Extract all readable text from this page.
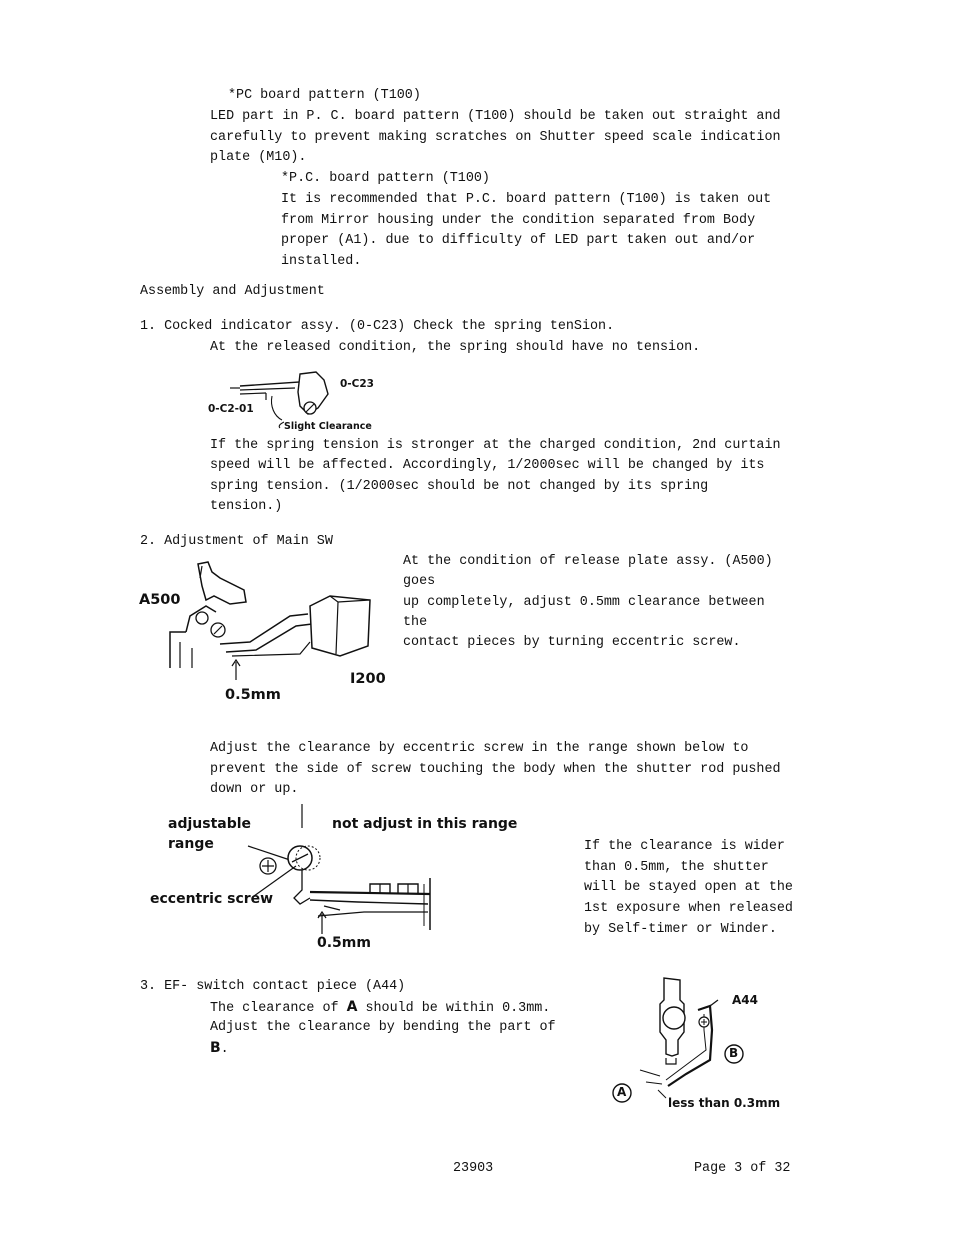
*PC board pattern (T100)
LED part in P. C. board pattern (T100) should be taken out straight and
carefully to prevent making scratches on Shutter speed scale indication
plate (M10).
*P.C. board pattern (T100)
It is recommended that P.C. board pattern (T100) is taken out
from Mirror housing under the condition separated from Body
proper (A1). due to difficulty of LED part taken out and/or
installed.
Assembly and Adjustment
1. Cocked indicator assy. (0-C23) Check the spring tenSion.
At the released condition, the spring should have no tension.
0-C23
0-C2-01
Slight Clearance
If the spring tension is stronger at the charged condition, 2nd curtain
speed will be affected. Accordingly, 1/2000sec will be changed by its
spring tension. (1/2000sec should be not changed by its spring
tension.)
2. Adjustment of Main SW
At the condition of release plate assy. (A500)
goes
up completely, adjust 0.5mm clearance between
the
contact pieces by turning eccentric screw.
A500
I200
0.5mm
Adjust the clearance by eccentric screw in the range shown below to
prevent the side of screw touching the body when the shutter rod pushed
down or up.
adjustable
range
not adjust in this range
eccentric screw
0.5mm
If the clearance is wider
than 0.5mm, the shutter
will be stayed open at the
1st exposure when released
by Self-timer or Winder.
3. EF- switch contact piece (A44)
The clearance of A should be within 0.3mm.
Adjust the clearance by bending the part of
B.
A44
B
A
less than 0.3mm
23903	Page 3 of 32
